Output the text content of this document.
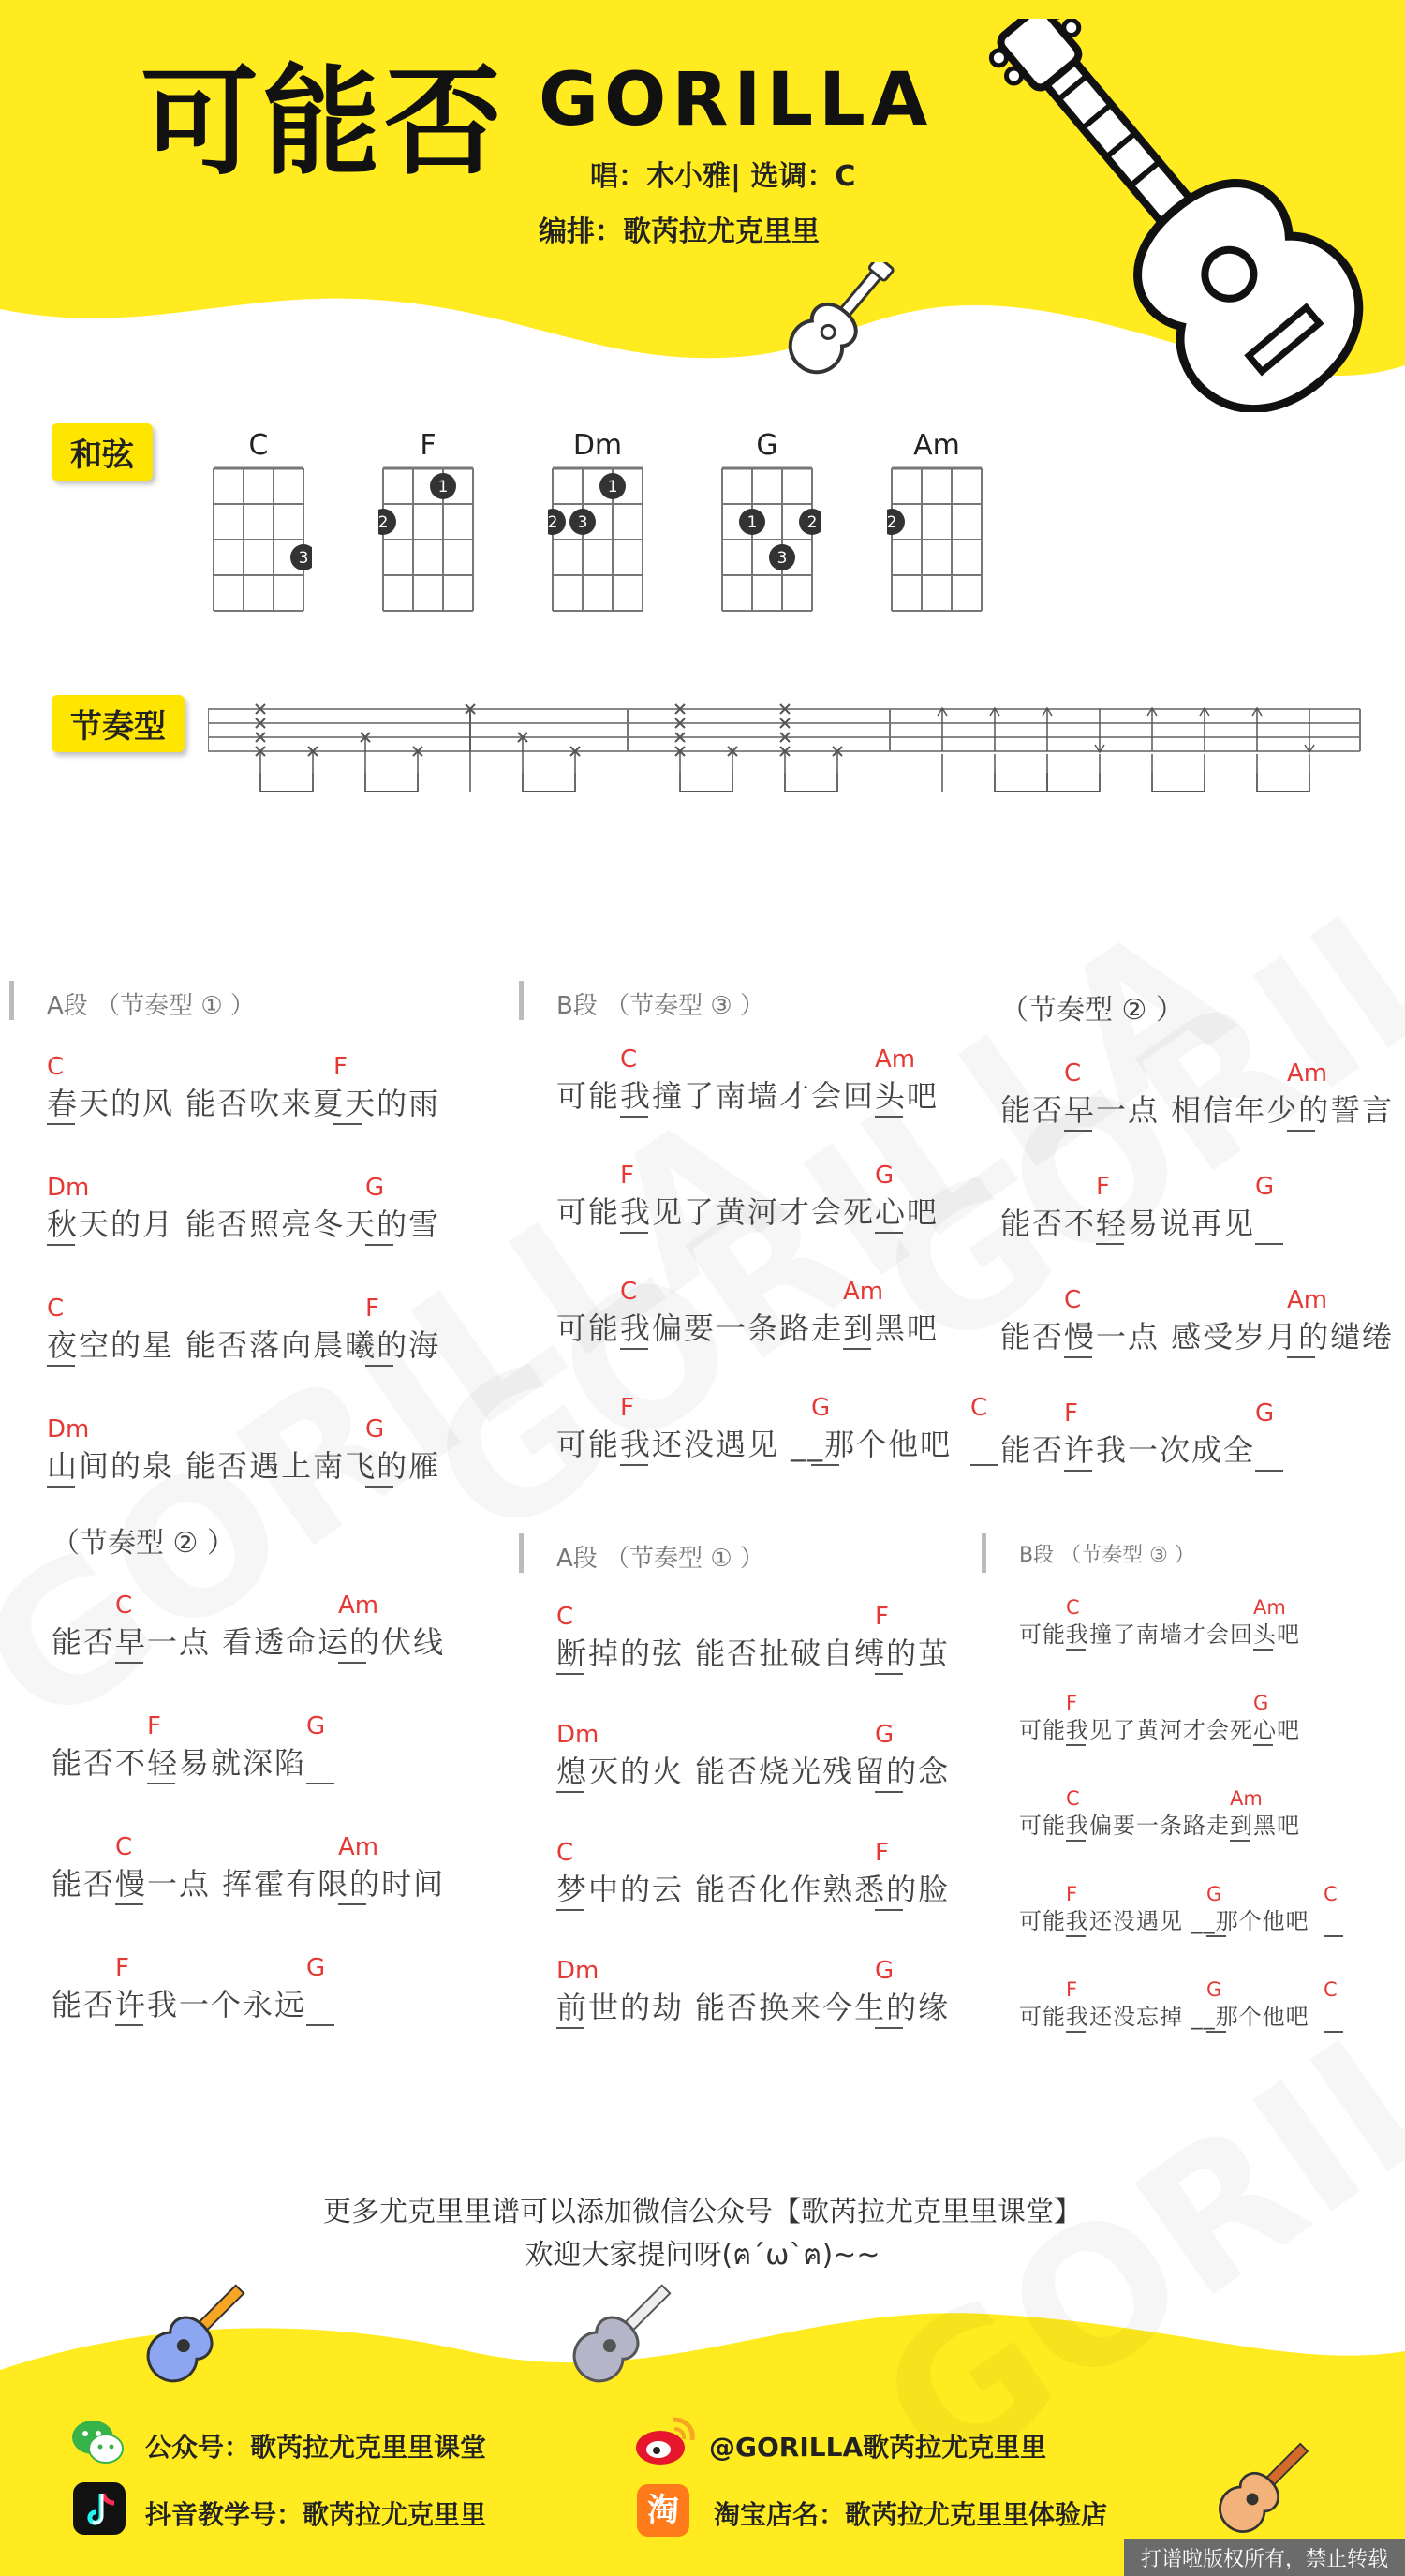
可能否 GORILLA
唱：木小雅| 选调：C
编排：歌芮拉尤克里里
和弦	C
3
F
1
2
Dm
1
2 3
G
1	2
3
Am
2
节奏型
A段 （节奏型 ① ）
春天的风 能否吹来夏天的雨
C	F
秋天的月 能否照亮冬天的雪
Dm	G
夜空的星 能否落向晨曦的海
C	F
山间的泉 能否遇上南飞的雁
Dm	G
（节奏型 ② ）
能否早一点 看透命运的伏线
C	Am
能否不轻易就深陷
F	G
能否慢一点 挥霍有限的时间
C	Am
能否许我一个永远
F	G
B段 （节奏型 ③ ）
可能我撞了南墙才会回头吧
C	Am
可能我见了黄河才会死心吧
F	G
可能我偏要一条路走到黑吧
C	Am
可能我还没遇见 __那个他吧
F	G	C
（节奏型 ② ）
能否早一点 相信年少的誓言
C	Am
能否不轻易说再见
F	G
能否慢一点 感受岁月的缱绻
C	Am
能否许我一次成全
F	G
A段 （节奏型 ① ）
断掉的弦 能否扯破自缚的茧
C	F
熄灭的火 能否烧光残留的念
Dm	G
梦中的云 能否化作熟悉的脸
C	F
前世的劫 能否换来今生的缘
Dm	G
B段 （节奏型 ③ ）
可能我撞了南墙才会回头吧
C	Am
可能我见了黄河才会死心吧
F	G
可能我偏要一条路走到黑吧
C	Am
可能我还没遇见 __那个他吧
F	G	C
可能我还没忘掉 __那个他吧
F	G	C
更多尤克里里谱可以添加微信公众号【歌芮拉尤克里里课堂】
欢迎大家提问呀(ฅ´ω`ฅ)~~
公众号：歌芮拉尤克里里课堂	@GORILLA歌芮拉尤克里里
抖音教学号：歌芮拉尤克里里	淘	淘宝店名：歌芮拉尤克里里体验店
打谱啦版权所有，禁止转载
